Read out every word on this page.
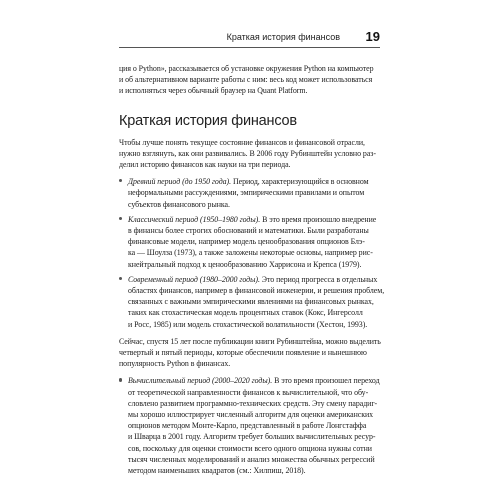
Краткая история финансов 19
ция о Python», рассказывается об установке окружения Python на компьютер
и об альтернативном варианте работы с ним: весь код может использоваться
и исполняться через обычный браузер на Quant Platform.
Краткая история финансов
Чтобы лучше понять текущее состояние финансов и финансовой отрасли,
нужно взглянуть, как они развивались. В 2006 году Рубинштейн условно раз-
делил историю финансов как науки на три периода.
Древний период (до 1950 года). Период, характеризующийся в основном
неформальными рассуждениями, эмпирическими правилами и опытом
субъектов финансового рынка.
Классический период (1950–1980 годы). В это время произошло внедрение
в финансы более строгих обоснований и математики. Были разработаны
финансовые модели, например модель ценообразования опционов Блэ-
ка — Шоулза (1973), а также заложены некоторые основы, например рис-
кнейтральный подход к ценообразованию Харрисона и Крепса (1979).
Современный период (1980–2000 годы). Это период прогресса в отдельных
областях финансов, например в финансовой инженерии, и решения проблем,
связанных с важными эмпирическими явлениями на финансовых рынках,
таких как стохастическая модель процентных ставок (Кокс, Ингерсолл
и Росс, 1985) или модель стохастической волатильности (Хестон, 1993).
Сейчас, спустя 15 лет после публикации книги Рубинштейна, можно выделить
четвертый и пятый периоды, которые обеспечили появление и нынешнюю
популярность Python в финансах.
Вычислительный период (2000–2020 годы). В это время произошел переход
от теоретической направленности финансов к вычислительной, что обу-
словлено развитием программно-технических средств. Эту смену парадиг-
мы хорошо иллюстрирует численный алгоритм для оценки американских
опционов методом Монте-Карло, представленный в работе Лонгстаффа
и Шварца в 2001 году. Алгоритм требует больших вычислительных ресур-
сов, поскольку для оценки стоимости всего одного опциона нужны сотни
тысяч численных моделирований и анализ множества обычных регрессий
методом наименьших квадратов (см.: Хилпиш, 2018).
